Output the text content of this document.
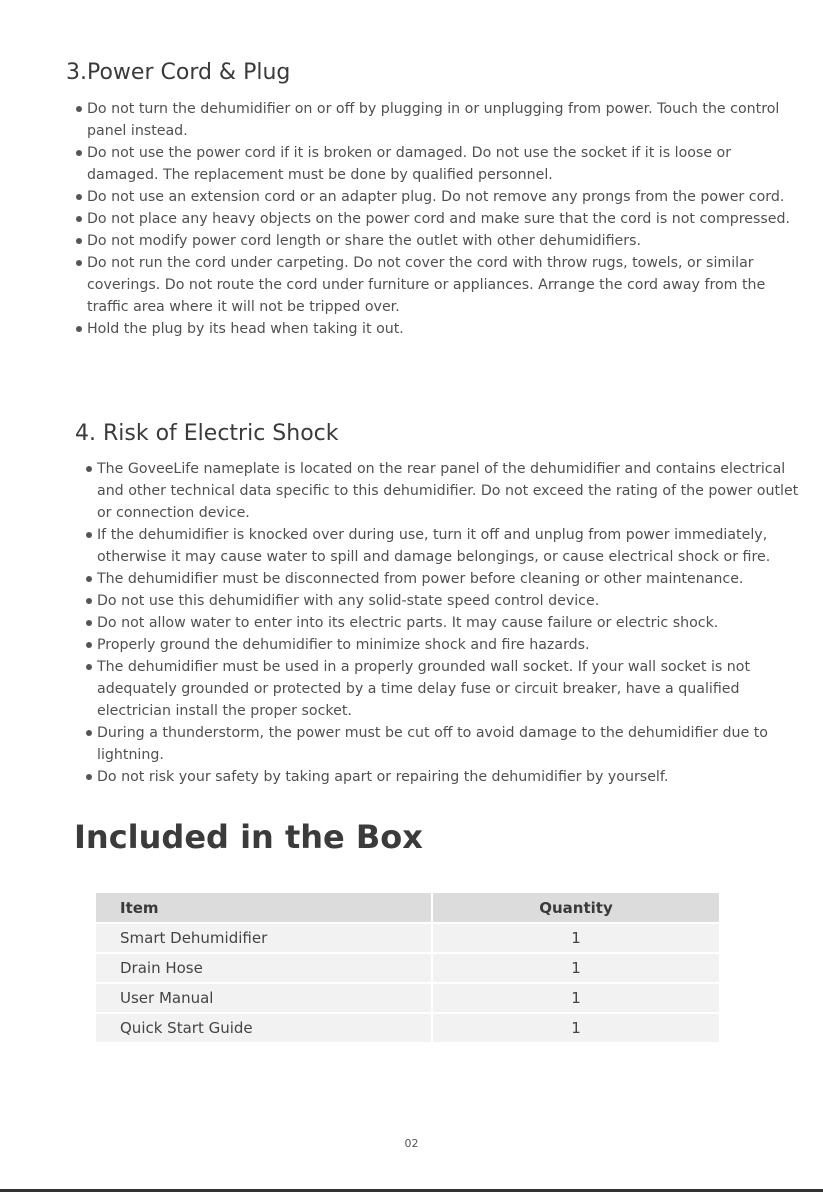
3.Power Cord & Plug
Do not turn the dehumidifier on or off by plugging in or unplugging from power. Touch the control panel instead.
Do not use the power cord if it is broken or damaged. Do not use the socket if it is loose or damaged. The replacement must be done by qualified personnel.
Do not use an extension cord or an adapter plug. Do not remove any prongs from the power cord.
Do not place any heavy objects on the power cord and make sure that the cord is not compressed.
Do not modify power cord length or share the outlet with other dehumidifiers.
Do not run the cord under carpeting. Do not cover the cord with throw rugs, towels, or similar coverings. Do not route the cord under furniture or appliances. Arrange the cord away from the traffic area where it will not be tripped over.
Hold the plug by its head when taking it out.
4. Risk of Electric Shock
The GoveeLife nameplate is located on the rear panel of the dehumidifier and contains electrical and other technical data specific to this dehumidifier. Do not exceed the rating of the power outlet or connection device.
If the dehumidifier is knocked over during use, turn it off and unplug from power immediately, otherwise it may cause water to spill and damage belongings, or cause electrical shock or fire.
The dehumidifier must be disconnected from power before cleaning or other maintenance.
Do not use this dehumidifier with any solid-state speed control device.
Do not allow water to enter into its electric parts. It may cause failure or electric shock.
Properly ground the dehumidifier to minimize shock and fire hazards.
The dehumidifier must be used in a properly grounded wall socket. If your wall socket is not adequately grounded or protected by a time delay fuse or circuit breaker, have a qualified electrician install the proper socket.
During a thunderstorm, the power must be cut off to avoid damage to the dehumidifier due to lightning.
Do not risk your safety by taking apart or repairing the dehumidifier by yourself.
Included in the Box
Item		Quantity
Smart Dehumidifier		1
Drain Hose		1
User Manual		1
Quick Start Guide		1
02
